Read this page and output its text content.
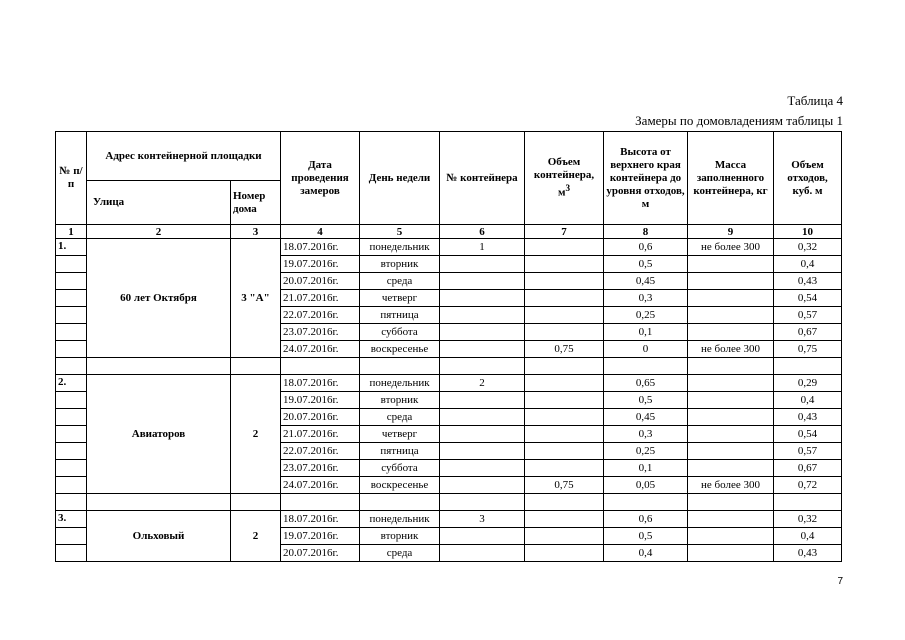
Таблица 4
Замеры по домовладениям таблицы 1
№ п/п	Адрес контейнерной площадки		Дата проведения замеров	День недели	№ контейнера	Объем контейнера, $м^3$	Высота от верхнего края контейнера до уровня отходов, м	Масса заполненного контейнера, кг	Объем отходов, куб. м
	Улица	Номер дома							
1	2	3	4	5	6	7	8	9	10
1.	60 лет Октября	3 "А"	18.07.2016г.	понедельник	1		0,6	не более 300	0,32
			19.07.2016г.	вторник			0,5		0,4
			20.07.2016г.	среда			0,45		0,43
			21.07.2016г.	четверг			0,3		0,54
			22.07.2016г.	пятница			0,25		0,57
			23.07.2016г.	суббота			0,1		0,67
			24.07.2016г.	воскресенье		0,75	0	не более 300	0,75

2.	Авиаторов	2	18.07.2016г.	понедельник	2		0,65		0,29
			19.07.2016г.	вторник			0,5		0,4
			20.07.2016г.	среда			0,45		0,43
			21.07.2016г.	четверг			0,3		0,54
			22.07.2016г.	пятница			0,25		0,57
			23.07.2016г.	суббота			0,1		0,67
			24.07.2016г.	воскресенье		0,75	0,05	не более 300	0,72

3.	Ольховый	2	18.07.2016г.	понедельник	3		0,6		0,32
			19.07.2016г.	вторник			0,5		0,4
			20.07.2016г.	среда			0,4		0,43
7
